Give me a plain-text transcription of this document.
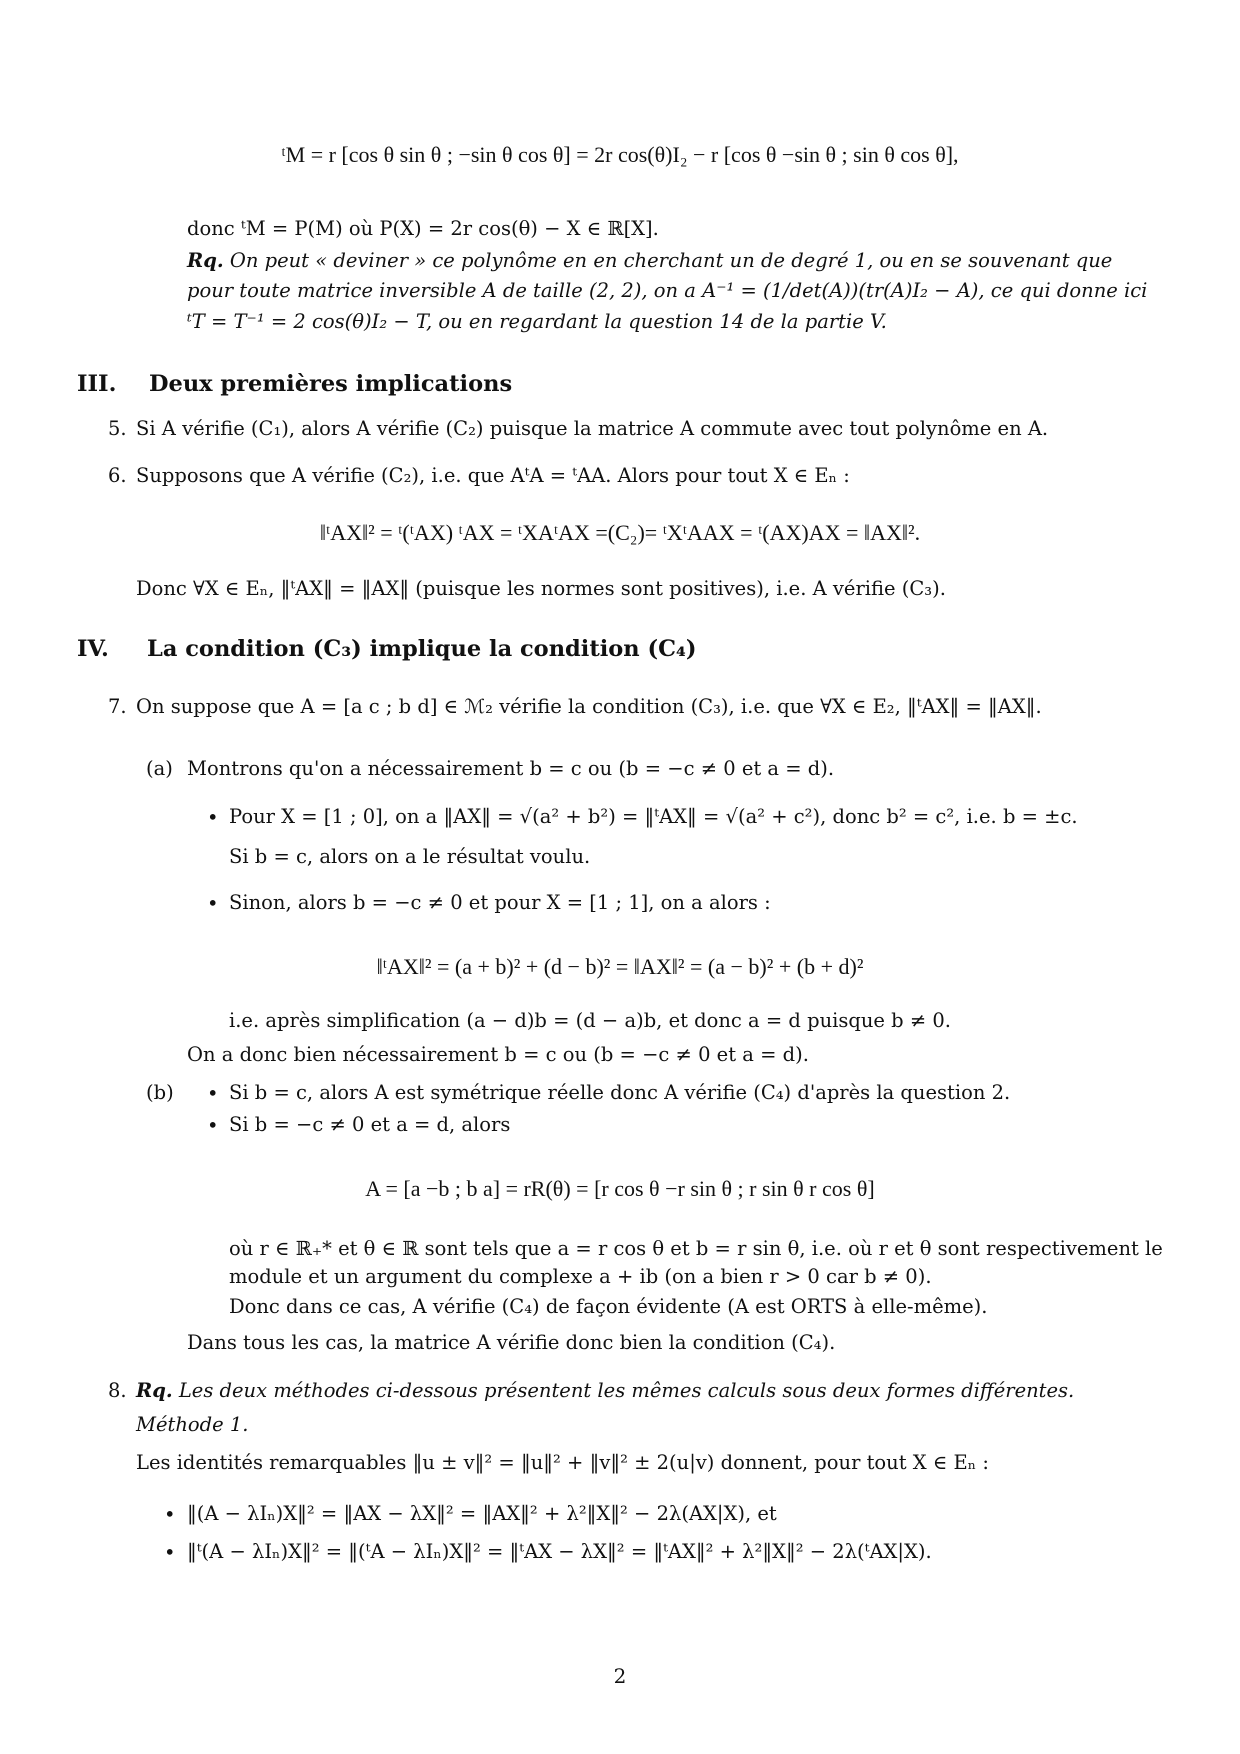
ᵗM = r [cos θ sin θ ; −sin θ cos θ] = 2r cos(θ)I₂ − r [cos θ −sin θ ; sin θ cos θ],
donc ᵗM = P(M) où P(X) = 2r cos(θ) − X ∈ ℝ[X].
Rq. On peut « deviner » ce polynôme en en cherchant un de degré 1, ou en se souvenant que
pour toute matrice inversible A de taille (2, 2), on a A⁻¹ = (1/det(A))(tr(A)I₂ − A), ce qui donne ici
ᵗT = T⁻¹ = 2 cos(θ)I₂ − T, ou en regardant la question 14 de la partie V.
III. Deux premières implications
5. Si A vérifie (C₁), alors A vérifie (C₂) puisque la matrice A commute avec tout polynôme en A.
6. Supposons que A vérifie (C₂), i.e. que AᵗA = ᵗAA. Alors pour tout X ∈ Eₙ :
‖ᵗAX‖² = ᵗ(ᵗAX) ᵗAX = ᵗXAᵗAX =(C₂)= ᵗXᵗAAX = ᵗ(AX)AX = ‖AX‖².
Donc ∀X ∈ Eₙ, ‖ᵗAX‖ = ‖AX‖ (puisque les normes sont positives), i.e. A vérifie (C₃).
IV. La condition (C₃) implique la condition (C₄)
7. On suppose que A = [a c ; b d] ∈ ℳ₂ vérifie la condition (C₃), i.e. que ∀X ∈ E₂, ‖ᵗAX‖ = ‖AX‖.
(a) Montrons qu'on a nécessairement b = c ou (b = −c ≠ 0 et a = d).
• Pour X = [1 ; 0], on a ‖AX‖ = √(a² + b²) = ‖ᵗAX‖ = √(a² + c²), donc b² = c², i.e. b = ±c.
Si b = c, alors on a le résultat voulu.
• Sinon, alors b = −c ≠ 0 et pour X = [1 ; 1], on a alors :
‖ᵗAX‖² = (a + b)² + (d − b)² = ‖AX‖² = (a − b)² + (b + d)²
i.e. après simplification (a − d)b = (d − a)b, et donc a = d puisque b ≠ 0.
On a donc bien nécessairement b = c ou (b = −c ≠ 0 et a = d).
(b) • Si b = c, alors A est symétrique réelle donc A vérifie (C₄) d'après la question 2.
• Si b = −c ≠ 0 et a = d, alors
A = [a −b ; b a] = rR(θ) = [r cos θ −r sin θ ; r sin θ r cos θ]
où r ∈ ℝ₊* et θ ∈ ℝ sont tels que a = r cos θ et b = r sin θ, i.e. où r et θ sont respectivement le
module et un argument du complexe a + ib (on a bien r > 0 car b ≠ 0).
Donc dans ce cas, A vérifie (C₄) de façon évidente (A est ORTS à elle-même).
Dans tous les cas, la matrice A vérifie donc bien la condition (C₄).
8. Rq. Les deux méthodes ci-dessous présentent les mêmes calculs sous deux formes différentes.
Méthode 1.
Les identités remarquables ‖u ± v‖² = ‖u‖² + ‖v‖² ± 2(u|v) donnent, pour tout X ∈ Eₙ :
• ‖(A − λIₙ)X‖² = ‖AX − λX‖² = ‖AX‖² + λ²‖X‖² − 2λ(AX|X), et
• ‖ᵗ(A − λIₙ)X‖² = ‖(ᵗA − λIₙ)X‖² = ‖ᵗAX − λX‖² = ‖ᵗAX‖² + λ²‖X‖² − 2λ(ᵗAX|X).
2
